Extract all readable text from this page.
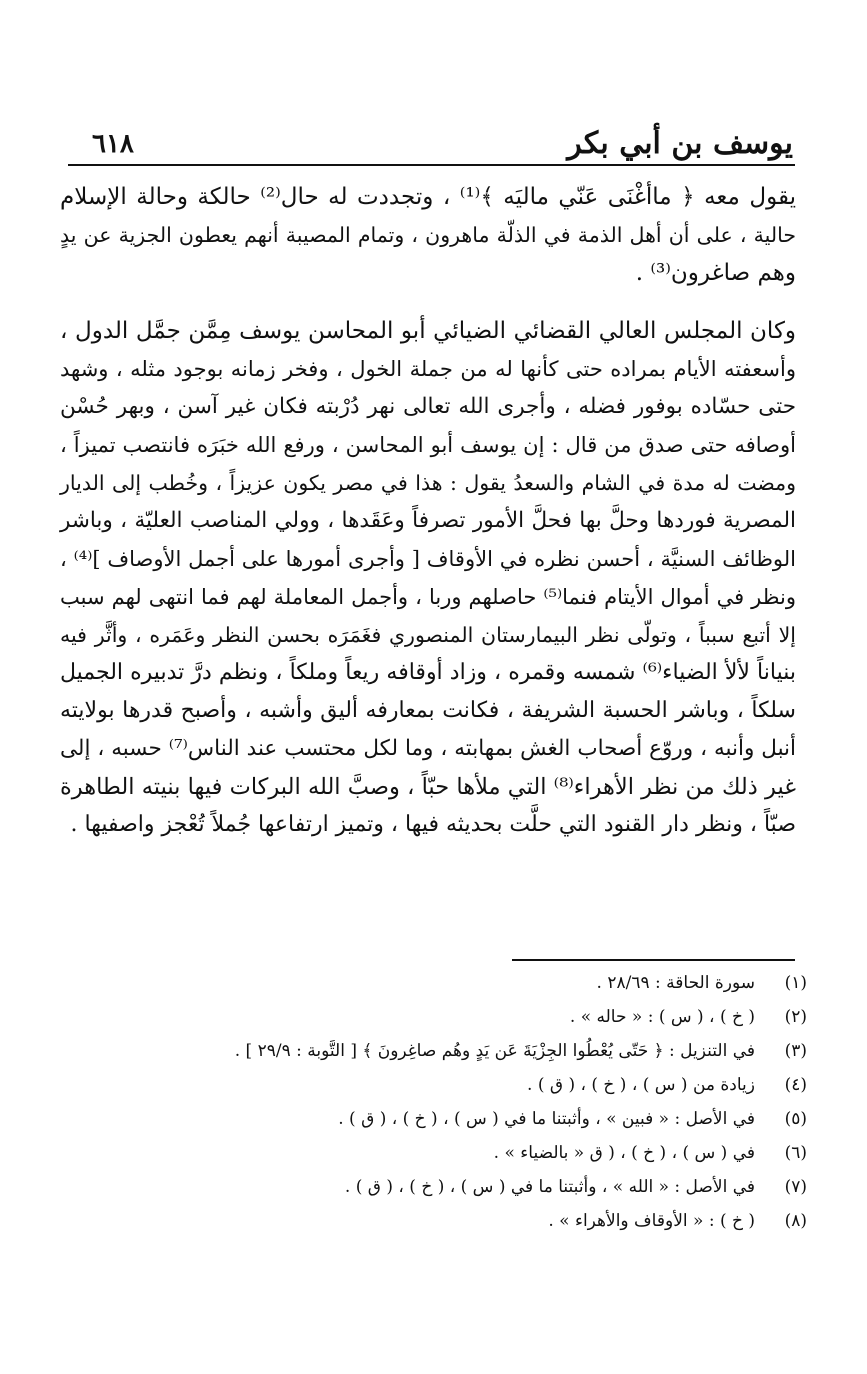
يوسف بن أبي بكر
٦١٨
يقول معه ﴿ ماأغْنَى عَنّي ماليَه ﴾⁽¹⁾ ، وتجددت له حال⁽²⁾ حالكة وحالة الإسلام
حالية ، على أن أهل الذمة في الذلّة ماهرون ، وتمام المصيبة أنهم يعطون الجزية عن يدٍ
وهم صاغرون⁽³⁾ .
وكان المجلس العالي القضائي الضيائي أبو المحاسن يوسف مِمَّن جمَّل الدول ،
وأسعفته الأيام بمراده حتى كأنها له من جملة الخول ، وفخر زمانه بوجود مثله ، وشهد
حتى حسّاده بوفور فضله ، وأجرى الله تعالى نهر دُرْبته فكان غير آسن ، وبهر حُسْن
أوصافه حتى صدق من قال : إن يوسف أبو المحاسن ، ورفع الله خبَرَه فانتصب تميزاً ،
ومضت له مدة في الشام والسعدُ يقول : هذا في مصر يكون عزيزاً ، وخُطب إلى الديار
المصرية فوردها وحلَّ بها فحلَّ الأمور تصرفاً وعَقَدها ، وولي المناصب العليّة ، وباشر
الوظائف السنيَّة ، أحسن نظره في الأوقاف [ وأجرى أمورها على أجمل الأوصاف ]⁽⁴⁾ ،
ونظر في أموال الأيتام فنما⁽⁵⁾ حاصلهم وربا ، وأجمل المعاملة لهم فما انتهى لهم سبب
إلا أتبع سبباً ، وتولّى نظر البيمارستان المنصوري فغَمَرَه بحسن النظر وعَمَره ، وأثَّر فيه
بنياناً لألأ الضياء⁽⁶⁾ شمسه وقمره ، وزاد أوقافه ريعاً وملكاً ، ونظم درَّ تدبيره الجميل
سلكاً ، وباشر الحسبة الشريفة ، فكانت بمعارفه أليق وأشبه ، وأصبح قدرها بولايته
أنبل وأنبه ، وروّع أصحاب الغش بمهابته ، وما لكل محتسب عند الناس⁽⁷⁾ حسبه ، إلى
غير ذلك من نظر الأهراء⁽⁸⁾ التي ملأها حبّاً ، وصبَّ الله البركات فيها بنيته الطاهرة
صبّاً ، ونظر دار القنود التي حلَّت بحديثه فيها ، وتميز ارتفاعها جُملاً تُعْجز واصفيها .
(١)
سورة الحاقة : ٢٨/٦٩ .
(٢)
( خ ) ، ( س ) : « حاله » .
(٣)
في التنزيل : ﴿ حَتّى يُعْطُوا الجِزْيَةَ عَن يَدٍ وهُم صاغِرونَ ﴾ [ التَّوبة : ٢٩/٩ ] .
(٤)
زيادة من ( س ) ، ( خ ) ، ( ق ) .
(٥)
في الأصل : « فبين » ، وأثبتنا ما في ( س ) ، ( خ ) ، ( ق ) .
(٦)
في ( س ) ، ( خ ) ، ( ق « بالضياء » .
(٧)
في الأصل : « الله » ، وأثبتنا ما في ( س ) ، ( خ ) ، ( ق ) .
(٨)
( خ ) : « الأوقاف والأهراء » .
